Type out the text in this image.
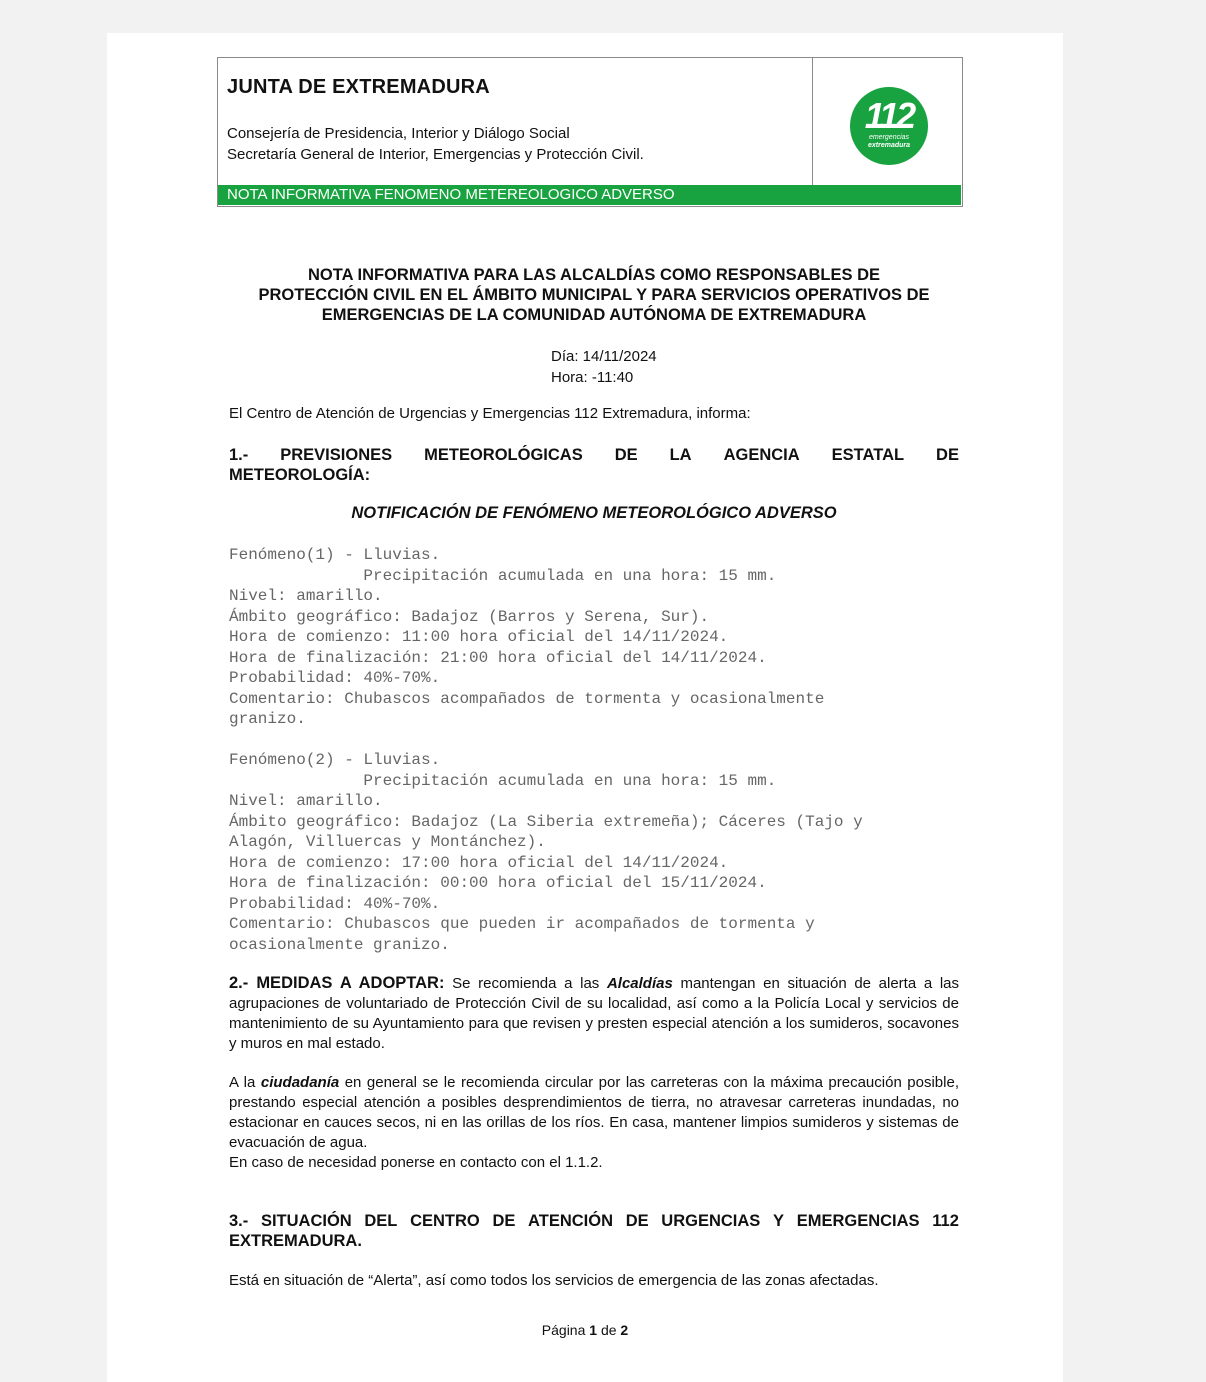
JUNTA DE EXTREMADURA
Consejería de Presidencia, Interior y Diálogo Social
Secretaría General de Interior, Emergencias y Protección Civil.
112
emergencias
extremadura
NOTA INFORMATIVA FENOMENO METEREOLOGICO ADVERSO
NOTA INFORMATIVA PARA LAS ALCALDÍAS COMO RESPONSABLES DE
PROTECCIÓN CIVIL EN EL ÁMBITO MUNICIPAL Y PARA SERVICIOS OPERATIVOS DE
EMERGENCIAS DE LA COMUNIDAD AUTÓNOMA DE EXTREMADURA
Día: 14/11/2024
Hora: -11:40
El Centro de Atención de Urgencias y Emergencias 112 Extremadura, informa:
1.- PREVISIONES METEOROLÓGICAS DE LA AGENCIA ESTATAL DE
METEOROLOGÍA:
NOTIFICACIÓN DE FENÓMENO METEOROLÓGICO ADVERSO
Fenómeno(1) - Lluvias.
Precipitación acumulada en una hora: 15 mm.
Nivel: amarillo.
Ámbito geográfico: Badajoz (Barros y Serena, Sur).
Hora de comienzo: 11:00 hora oficial del 14/11/2024.
Hora de finalización: 21:00 hora oficial del 14/11/2024.
Probabilidad: 40%-70%.
Comentario: Chubascos acompañados de tormenta y ocasionalmente
granizo.
Fenómeno(2) - Lluvias.
Precipitación acumulada en una hora: 15 mm.
Nivel: amarillo.
Ámbito geográfico: Badajoz (La Siberia extremeña); Cáceres (Tajo y
Alagón, Villuercas y Montánchez).
Hora de comienzo: 17:00 hora oficial del 14/11/2024.
Hora de finalización: 00:00 hora oficial del 15/11/2024.
Probabilidad: 40%-70%.
Comentario: Chubascos que pueden ir acompañados de tormenta y
ocasionalmente granizo.
2.- MEDIDAS A ADOPTAR: Se recomienda a las Alcaldías mantengan en situación de alerta a las agrupaciones de voluntariado de Protección Civil de su localidad, así como a la Policía Local y servicios de mantenimiento de su Ayuntamiento para que revisen y presten especial atención a los sumideros, socavones y muros en mal estado.
A la ciudadanía en general se le recomienda circular por las carreteras con la máxima precaución posible, prestando especial atención a posibles desprendimientos de tierra, no atravesar carreteras inundadas, no estacionar en cauces secos, ni en las orillas de los ríos. En casa, mantener limpios sumideros y sistemas de evacuación de agua.
En caso de necesidad ponerse en contacto con el 1.1.2.
3.- SITUACIÓN DEL CENTRO DE ATENCIÓN DE URGENCIAS Y EMERGENCIAS 112
EXTREMADURA.
Está en situación de “Alerta”, así como todos los servicios de emergencia de las zonas afectadas.
Página 1 de 2
